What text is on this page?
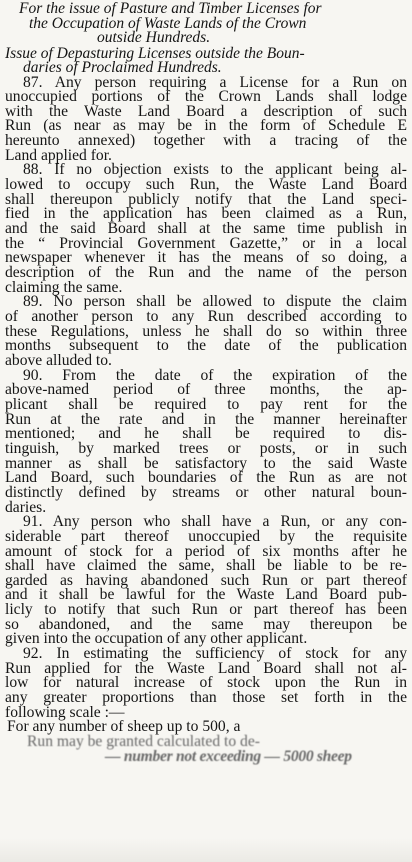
For the issue of Pasture and Timber Licenses for
the Occupation of Waste Lands of the Crown
outside Hundreds.
Issue of Depasturing Licenses outside the Boun-
daries of Proclaimed Hundreds.
87. Any person requiring a License for a Run on
unoccupied portions of the Crown Lands shall lodge
with the Waste Land Board a description of such
Run (as near as may be in the form of Schedule E
hereunto annexed) together with a tracing of the
Land applied for.
88. If no objection exists to the applicant being al-
lowed to occupy such Run, the Waste Land Board
shall thereupon publicly notify that the Land speci-
fied in the application has been claimed as a Run,
and the said Board shall at the same time publish in
the “ Provincial Government Gazette,” or in a local
newspaper whenever it has the means of so doing, a
description of the Run and the name of the person
claiming the same.
89. No person shall be allowed to dispute the claim
of another person to any Run described according to
these Regulations, unless he shall do so within three
months subsequent to the date of the publication
above alluded to.
90. From the date of the expiration of the
above-named period of three months, the ap-
plicant shall be required to pay rent for the
Run at the rate and in the manner hereinafter
mentioned; and he shall be required to dis-
tinguish, by marked trees or posts, or in such
manner as shall be satisfactory to the said Waste
Land Board, such boundaries of the Run as are not
distinctly defined by streams or other natural boun-
daries.
91. Any person who shall have a Run, or any con-
siderable part thereof unoccupied by the requisite
amount of stock for a period of six months after he
shall have claimed the same, shall be liable to be re-
garded as having abandoned such Run or part thereof
and it shall be lawful for the Waste Land Board pub-
licly to notify that such Run or part thereof has been
so abandoned, and the same may thereupon be
given into the occupation of any other applicant.
92. In estimating the sufficiency of stock for any
Run applied for the Waste Land Board shall not al-
low for natural increase of stock upon the Run in
any greater proportions than those set forth in the
following scale :—
For any number of sheep up to 500, a
Run may be granted calculated to de-
— number not exceeding — 5000 sheep
